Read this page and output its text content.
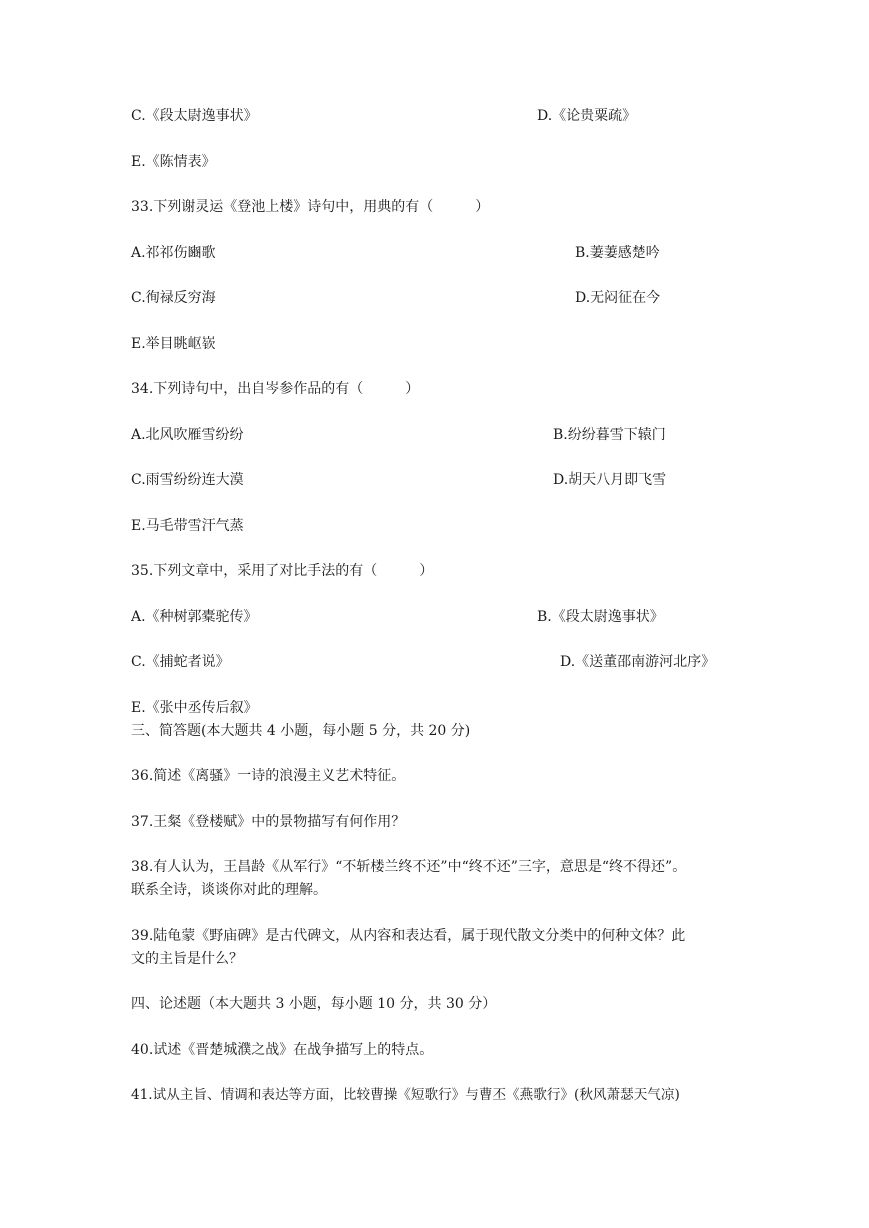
C.《段太尉逸事状》	D.《论贵粟疏》
E.《陈情表》
33.下列谢灵运《登池上楼》诗句中，用典的有（　　　）
A.祁祁伤豳歌	B.萋萋感楚吟
C.徇禄反穷海	D.无闷征在今
E.举目眺岖嵚
34.下列诗句中，出自岑参作品的有（　　　）
A.北风吹雁雪纷纷	B.纷纷暮雪下辕门
C.雨雪纷纷连大漠	D.胡天八月即飞雪
E.马毛带雪汗气蒸
35.下列文章中，采用了对比手法的有（　　　）
A.《种树郭橐驼传》	B.《段太尉逸事状》
C.《捕蛇者说》	D.《送董邵南游河北序》
E.《张中丞传后叙》
三、简答题(本大题共 4 小题，每小题 5 分，共 20 分)
36.简述《离骚》一诗的浪漫主义艺术特征。
37.王粲《登楼赋》中的景物描写有何作用？
38.有人认为，王昌龄《从军行》“不斩楼兰终不还”中“终不还”三字，意思是“终不得还”。
联系全诗，谈谈你对此的理解。
39.陆龟蒙《野庙碑》是古代碑文，从内容和表达看，属于现代散文分类中的何种文体？此
文的主旨是什么？
四、论述题（本大题共 3 小题，每小题 10 分，共 30 分）
40.试述《晋楚城濮之战》在战争描写上的特点。
41.试从主旨、情调和表达等方面，比较曹操《短歌行》与曹丕《燕歌行》(秋风萧瑟天气凉)
